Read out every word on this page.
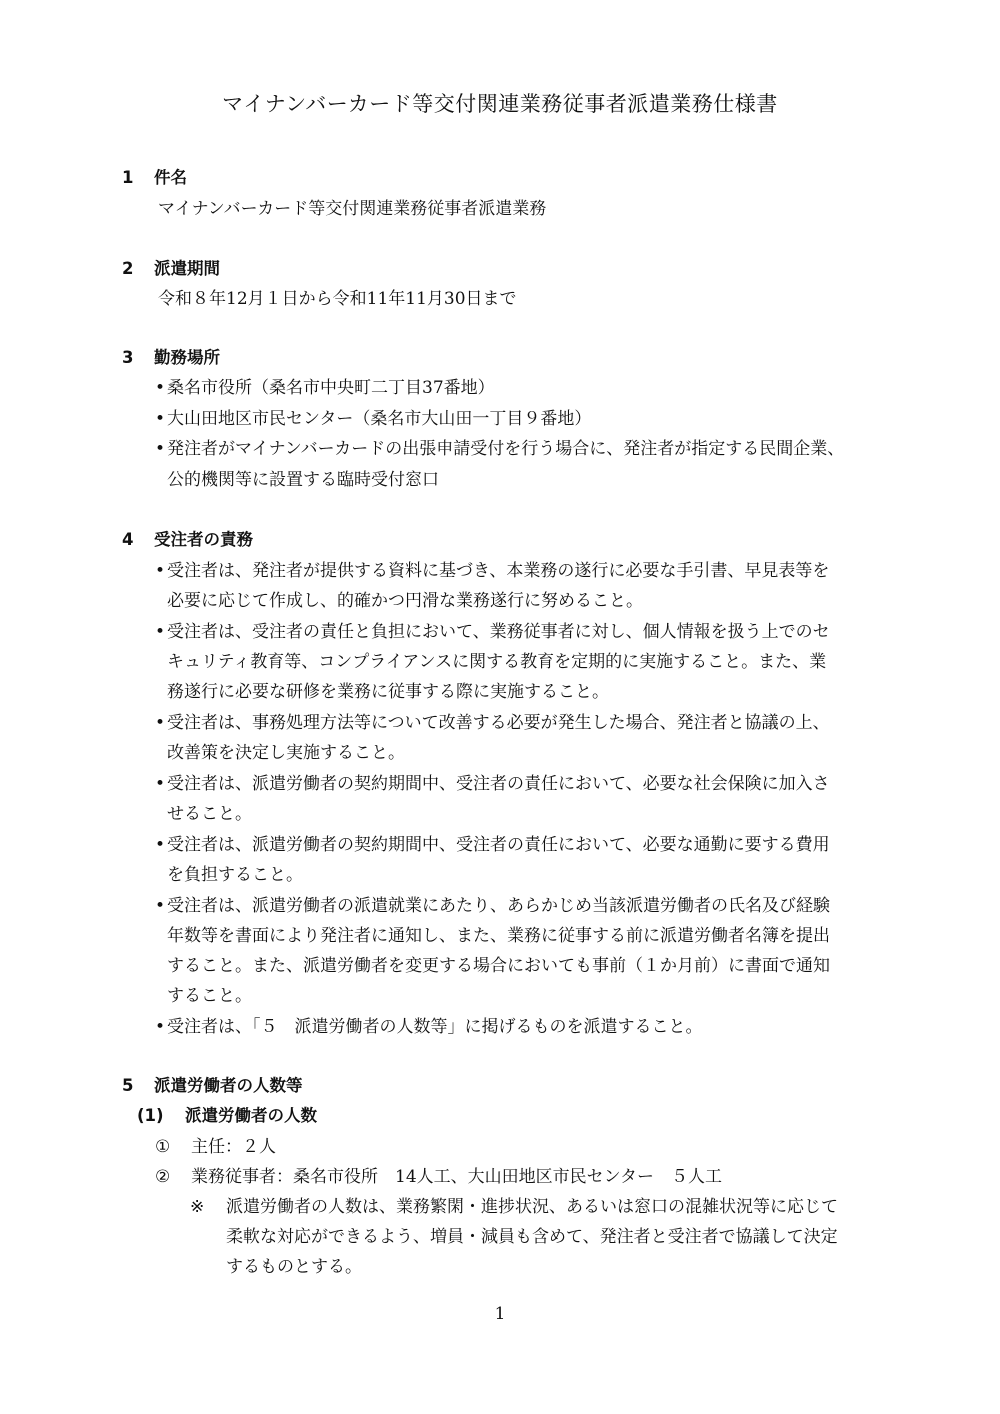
マイナンバーカード等交付関連業務従事者派遣業務仕様書
1 件名
マイナンバーカード等交付関連業務従事者派遣業務
2 派遣期間
令和８年12月１日から令和11年11月30日まで
3 勤務場所
• 桑名市役所（桑名市中央町二丁目37番地）
• 大山田地区市民センター（桑名市大山田一丁目９番地）
• 発注者がマイナンバーカードの出張申請受付を行う場合に、発注者が指定する民間企業、
公的機関等に設置する臨時受付窓口
4 受注者の責務
• 受注者は、発注者が提供する資料に基づき、本業務の遂行に必要な手引書、早見表等を
必要に応じて作成し、的確かつ円滑な業務遂行に努めること。
• 受注者は、受注者の責任と負担において、業務従事者に対し、個人情報を扱う上でのセ
キュリティ教育等、コンプライアンスに関する教育を定期的に実施すること。また、業
務遂行に必要な研修を業務に従事する際に実施すること。
• 受注者は、事務処理方法等について改善する必要が発生した場合、発注者と協議の上、
改善策を決定し実施すること。
• 受注者は、派遣労働者の契約期間中、受注者の責任において、必要な社会保険に加入さ
せること。
• 受注者は、派遣労働者の契約期間中、受注者の責任において、必要な通勤に要する費用
を負担すること。
• 受注者は、派遣労働者の派遣就業にあたり、あらかじめ当該派遣労働者の氏名及び経験
年数等を書面により発注者に通知し、また、業務に従事する前に派遣労働者名簿を提出
すること。また、派遣労働者を変更する場合においても事前（１か月前）に書面で通知
すること。
• 受注者は、「５　派遣労働者の人数等」に掲げるものを派遣すること。
5 派遣労働者の人数等
(1) 派遣労働者の人数
① 主任：２人
② 業務従事者：桑名市役所　14人工、大山田地区市民センター　５人工
※ 派遣労働者の人数は、業務繁閑・進捗状況、あるいは窓口の混雑状況等に応じて
柔軟な対応ができるよう、増員・減員も含めて、発注者と受注者で協議して決定
するものとする。
1
